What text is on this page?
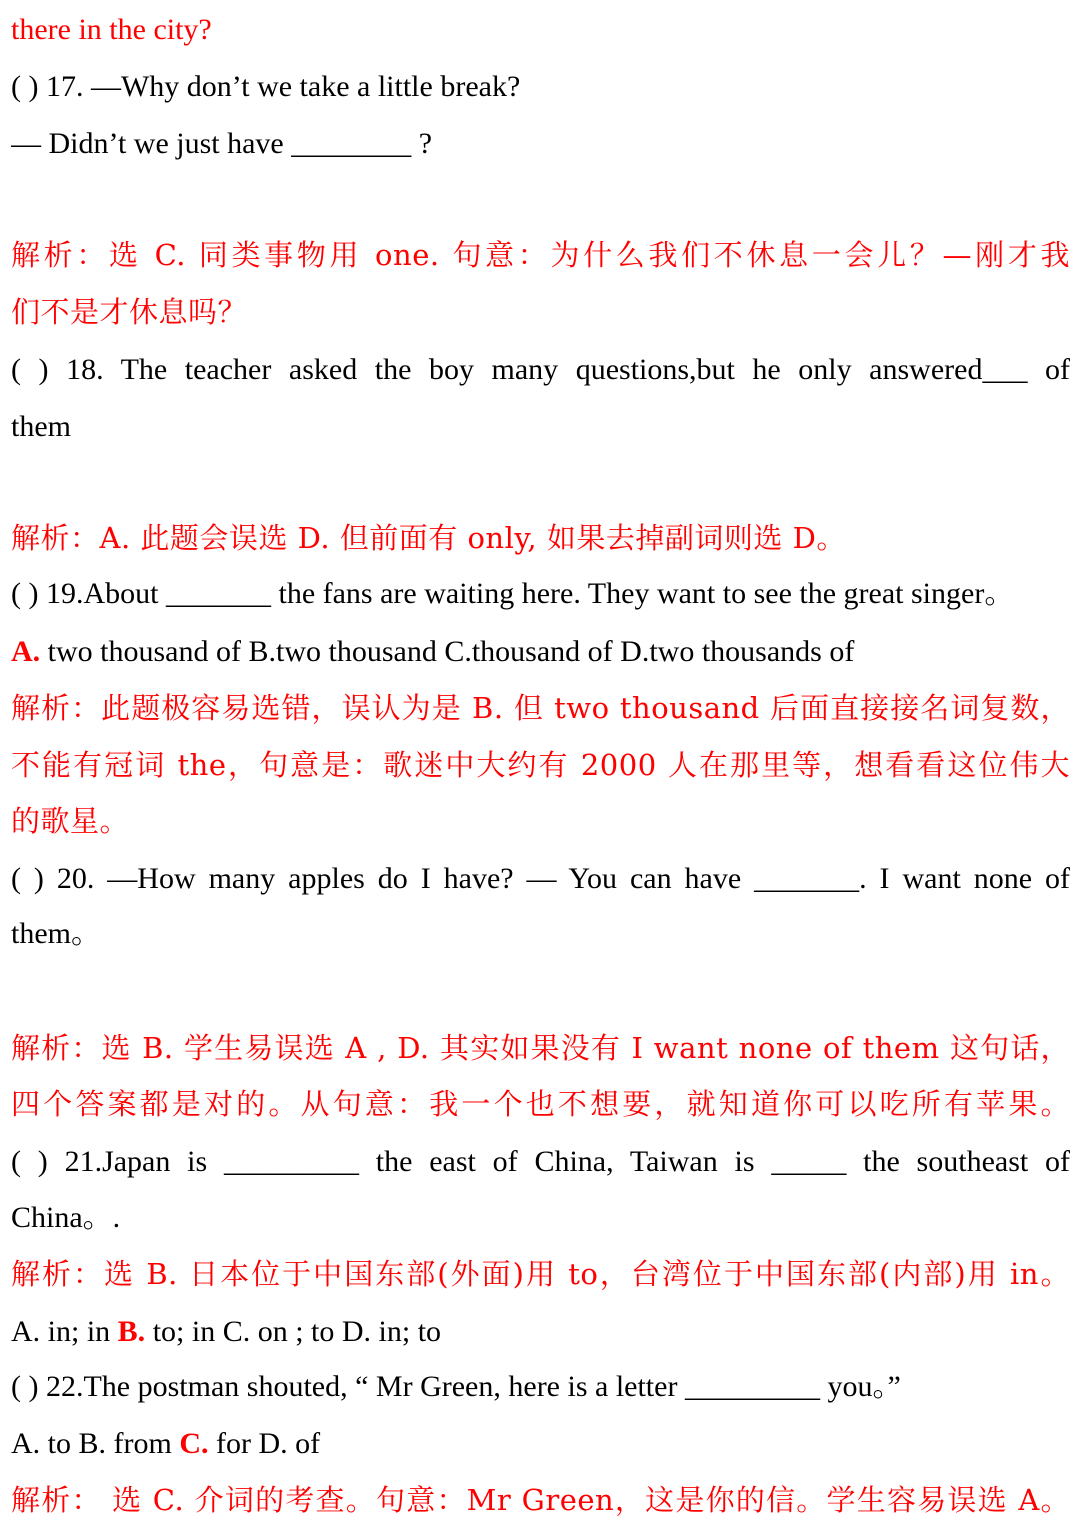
there in the city?
( ) 17. —Why don’t we take a little break?
— Didn’t we just have ________ ?

解析：选 C. 同类事物用 one. 句意：为什么我们不休息一会儿？—刚才我
们不是才休息吗？
( ) 18. The teacher asked the boy many questions,but he only answered___ of
them

解析：A. 此题会误选 D. 但前面有 only, 如果去掉副词则选 D。
( ) 19.About _______ the fans are waiting here. They want to see the great singer。
A. two thousand of B.two thousand C.thousand of D.two thousands of
解析：此题极容易选错，误认为是 B. 但 two thousand 后面直接接名词复数，
不能有冠词 the，句意是：歌迷中大约有 2000 人在那里等，想看看这位伟大
的歌星。
( ) 20. —How many apples do I have? — You can have _______. I want none of
them。

解析：选 B. 学生易误选 A , D. 其实如果没有 I want none of them 这句话，
四个答案都是对的。从句意：我一个也不想要，就知道你可以吃所有苹果。
( ) 21.Japan is _________ the east of China, Taiwan is _____ the southeast of
China。.
解析：选 B. 日本位于中国东部(外面)用 to，台湾位于中国东部(内部)用 in。
A. in; in B. to; in C. on ; to D. in; to
( ) 22.The postman shouted, “ Mr Green, here is a letter _________ you。”
A. to B. from C. for D. of
解析： 选 C. 介词的考查。句意：Mr Green，这是你的信。学生容易误选 A。
